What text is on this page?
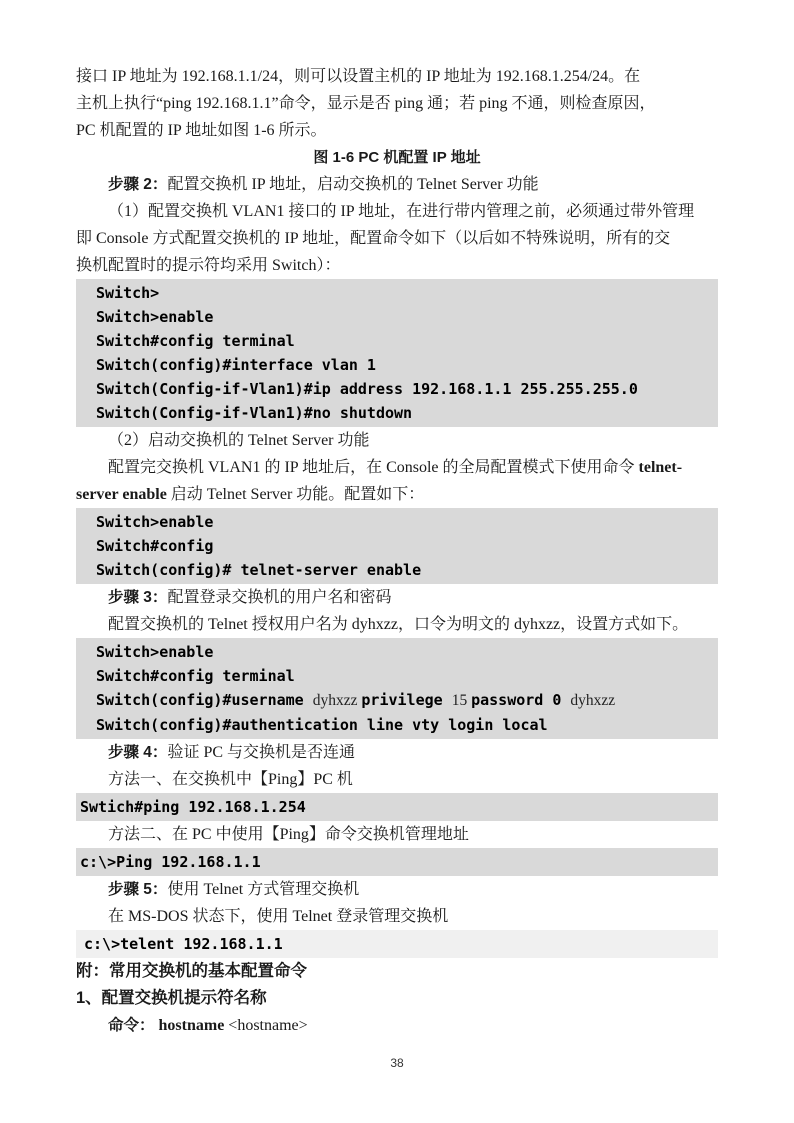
接口 IP 地址为 192.168.1.1/24，则可以设置主机的 IP 地址为 192.168.1.254/24。在
主机上执行“ping 192.168.1.1”命令，显示是否 ping 通；若 ping 不通，则检查原因，
PC 机配置的 IP 地址如图 1-6 所示。
图 1-6 PC 机配置 IP 地址
步骤 2：配置交换机 IP 地址，启动交换机的 Telnet Server 功能
（1）配置交换机 VLAN1 接口的 IP 地址，在进行带内管理之前，必须通过带外管理
即 Console 方式配置交换机的 IP 地址，配置命令如下（以后如不特殊说明，所有的交
换机配置时的提示符均采用 Switch）：
Switch>
Switch>enable
Switch#config terminal
Switch(config)#interface vlan 1
Switch(Config-if-Vlan1)#ip address 192.168.1.1 255.255.255.0
Switch(Config-if-Vlan1)#no shutdown
（2）启动交换机的 Telnet Server 功能
配置完交换机 VLAN1 的 IP 地址后，在 Console 的全局配置模式下使用命令 telnet-
server enable 启动 Telnet Server 功能。配置如下：
Switch>enable
Switch#config
Switch(config)# telnet-server enable
步骤 3：配置登录交换机的用户名和密码
配置交换机的 Telnet 授权用户名为 dyhxzz，口令为明文的 dyhxzz，设置方式如下。
Switch>enable
Switch#config terminal
Switch(config)#username dyhxzz privilege 15 password 0 dyhxzz
Switch(config)#authentication line vty login local
步骤 4：验证 PC 与交换机是否连通
方法一、在交换机中【Ping】PC 机
Swtich#ping 192.168.1.254
方法二、在 PC 中使用【Ping】命令交换机管理地址
c:\>Ping 192.168.1.1
步骤 5：使用 Telnet 方式管理交换机
在 MS-DOS 状态下，使用 Telnet 登录管理交换机
c:\>telent 192.168.1.1
附：常用交换机的基本配置命令
1、配置交换机提示符名称
命令： hostname <hostname>
38
